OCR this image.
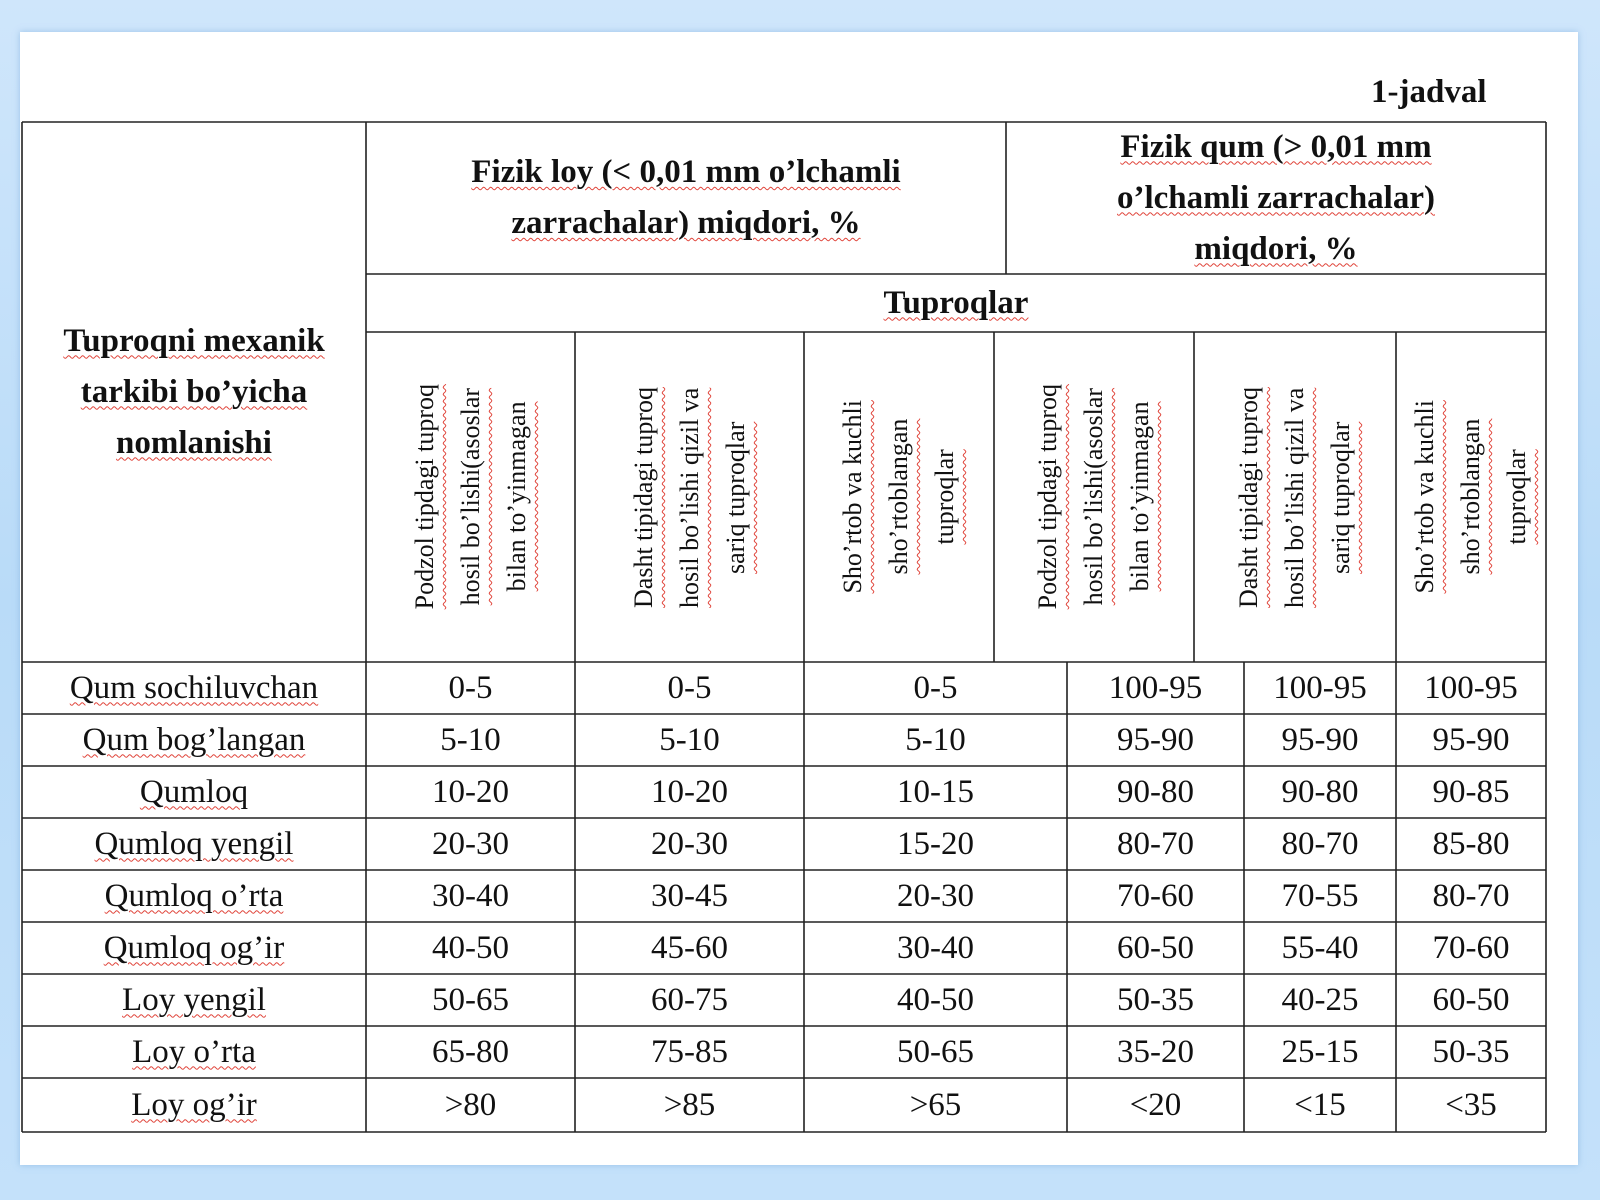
1-jadval
Tuproqni mexanik tarkibi bo’yicha nomlanishi
Fizik loy (< 0,01 mm o’lchamli zarrachalar) miqdori, %
Fizik qum (> 0,01 mm o’lchamli zarrachalar) miqdori, %
Tuproqlar
Podzol tipdagi tuproq hosil bo’lishi(asoslar bilan to’yinmagan	Dasht tipidagi tuproq hosil bo’lishi qizil va sariq tuproqlar	Sho’rtob va kuchli sho’rtoblangan tuproqlar	Podzol tipdagi tuproq hosil bo’lishi(asoslar bilan to’yinmagan	Dasht tipidagi tuproq hosil bo’lishi qizil va sariq tuproqlar	Sho’rtob va kuchli sho’rtoblangan tuproqlar
Qum sochiluvchan	0-5	0-5	0-5	100-95 100-95 100-95
Qum bog’langan	5-10	5-10	5-10	95-90	95-90 95-90
Qumloq	10-20	10-20	10-15	90-80	90-80 90-85
Qumloq yengil	20-30	20-30	15-20	80-70	80-70 85-80
Qumloq o’rta	30-40	30-45	20-30	70-60	70-55 80-70
Qumloq og’ir	40-50	45-60	30-40	60-50	55-40 70-60
Loy yengil	50-65	60-75	40-50	50-35	40-25 60-50
Loy o’rta	65-80	75-85	50-65	35-20	25-15 50-35
Loy og’ir	>80	>85	>65	<20	<15	<35
